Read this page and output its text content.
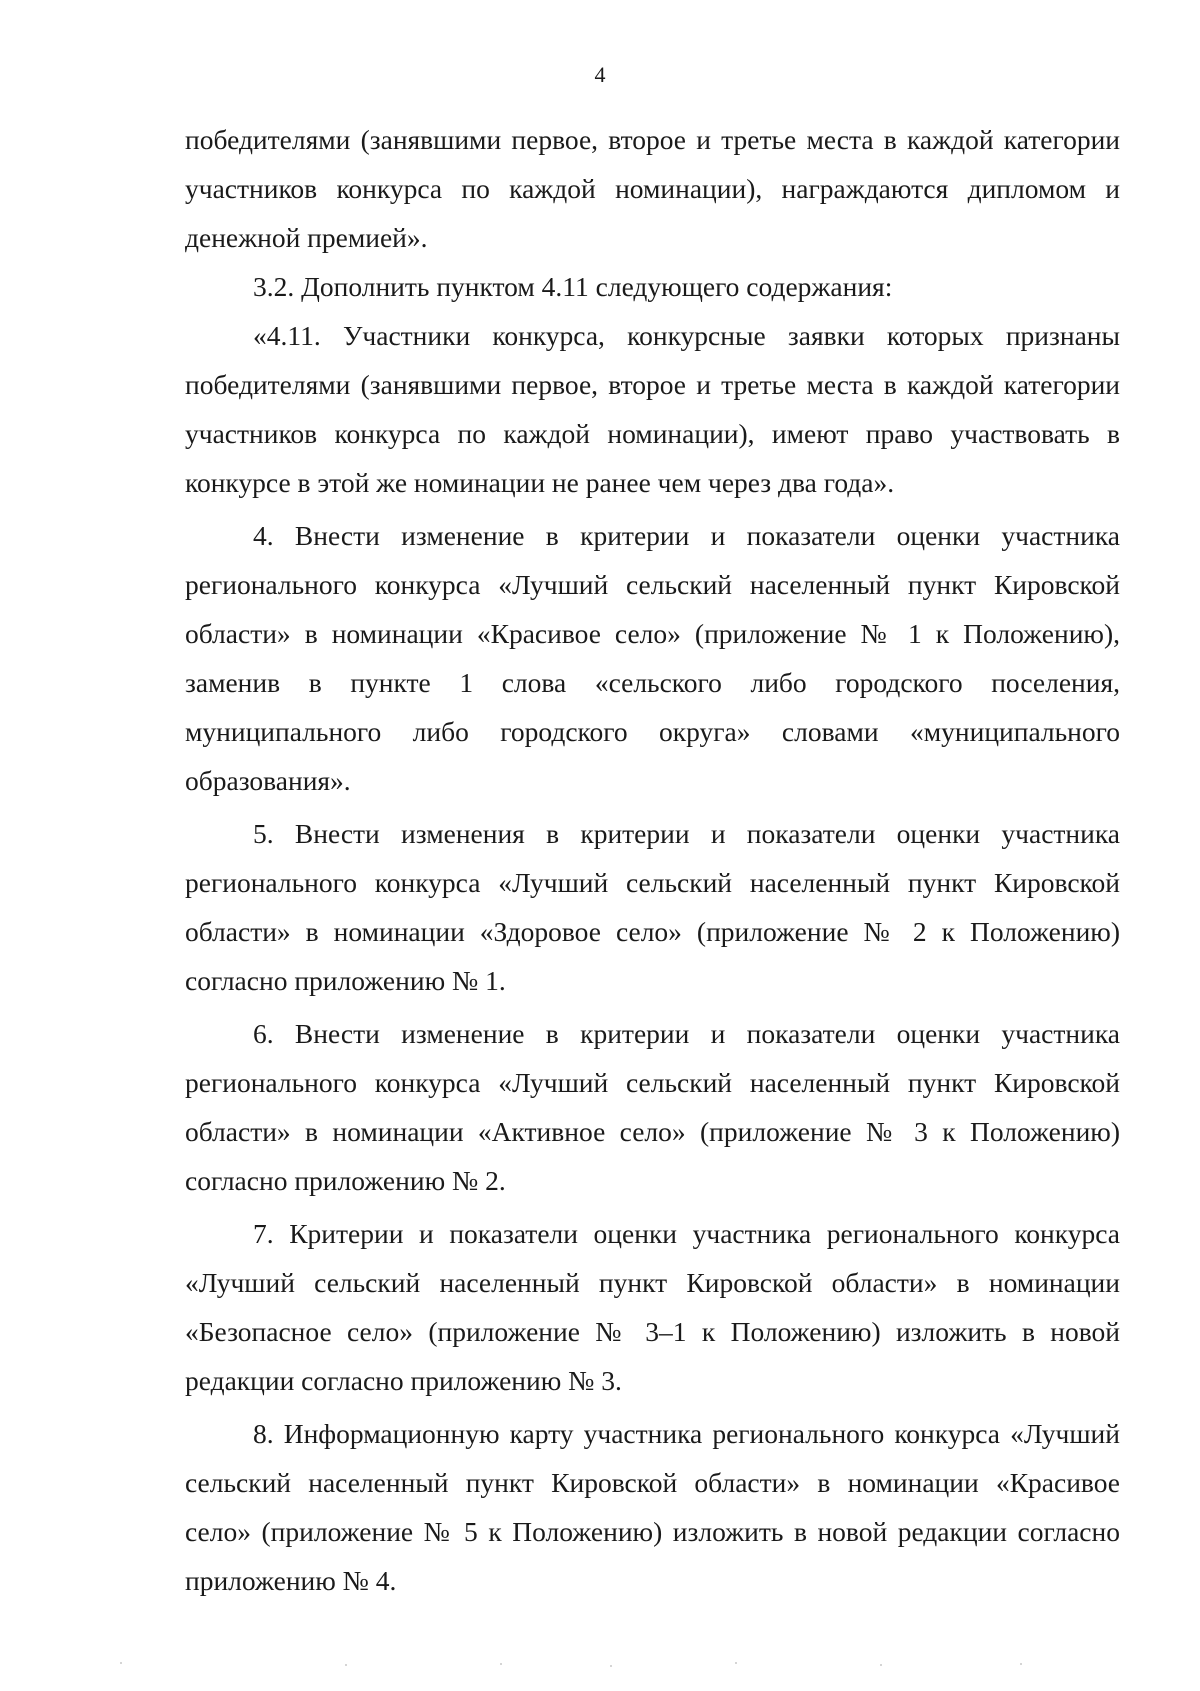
4

победителями (занявшими первое, второе и третье места в каждой категории участников конкурса по каждой номинации), награждаются дипломом и денежной премией».

3.2. Дополнить пунктом 4.11 следующего содержания:

«4.11. Участники конкурса, конкурсные заявки которых признаны победителями (занявшими первое, второе и третье места в каждой категории участников конкурса по каждой номинации), имеют право участвовать в конкурсе в этой же номинации не ранее чем через два года».

4. Внести изменение в критерии и показатели оценки участника регионального конкурса «Лучший сельский населенный пункт Кировской области» в номинации «Красивое село» (приложение № 1 к Положению), заменив в пункте 1 слова «сельского либо городского поселения, муниципального либо городского округа» словами «муниципального образования».

5. Внести изменения в критерии и показатели оценки участника регионального конкурса «Лучший сельский населенный пункт Кировской области» в номинации «Здоровое село» (приложение № 2 к Положению) согласно приложению № 1.

6. Внести изменение в критерии и показатели оценки участника регионального конкурса «Лучший сельский населенный пункт Кировской области» в номинации «Активное село» (приложение № 3 к Положению) согласно приложению № 2.

7. Критерии и показатели оценки участника регионального конкурса «Лучший сельский населенный пункт Кировской области» в номинации «Безопасное село» (приложение № 3–1 к Положению) изложить в новой редакции согласно приложению № 3.

8. Информационную карту участника регионального конкурса «Лучший сельский населенный пункт Кировской области» в номинации «Красивое село» (приложение № 5 к Положению) изложить в новой редакции согласно приложению № 4.
